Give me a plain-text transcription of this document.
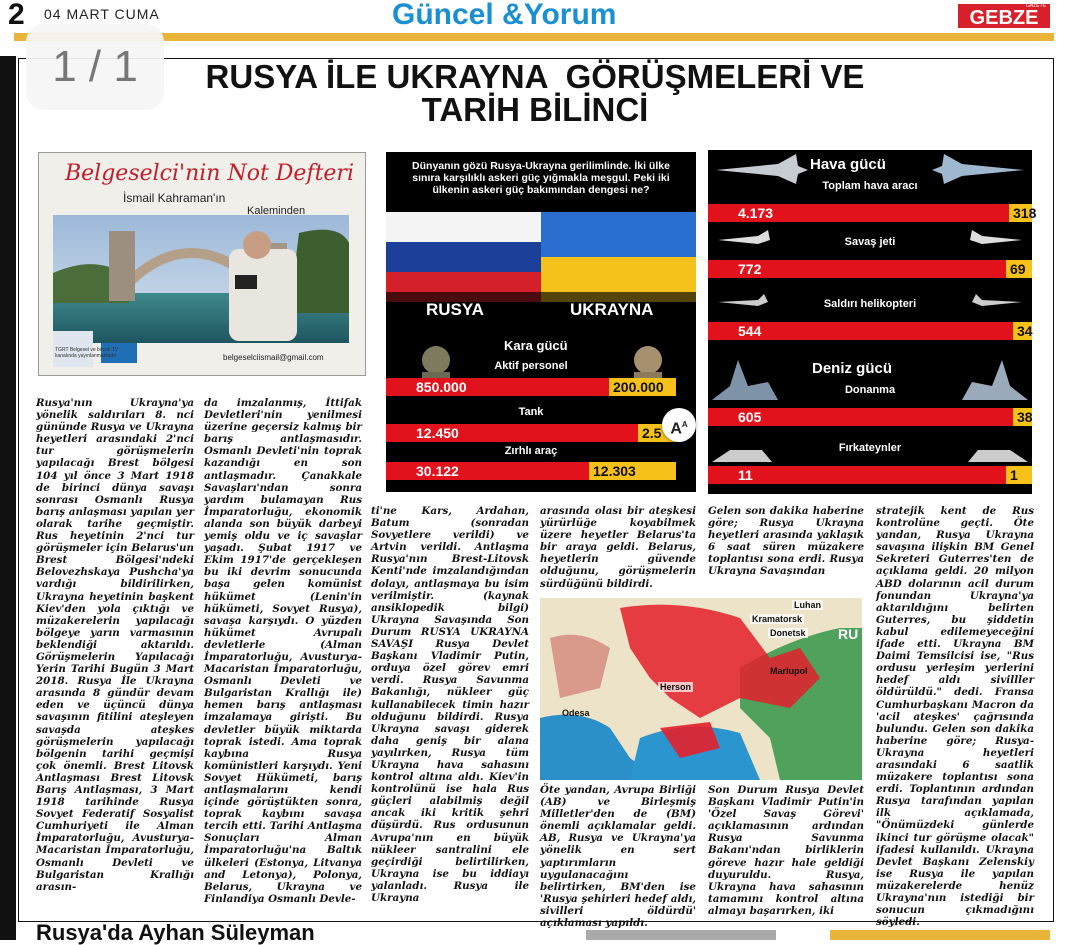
2 04 MART CUMA	Güncel &Yorum	GAZETE
GEBZE
RUSYA İLE UKRAYNA  GÖRÜŞMELERİ VE
TARİH BİLİNCİ
Belgeselci'nin Not Defteri
İsmail Kahraman'ın
Kaleminden
TGRT Belgesel ve birçok TV kanalında yayınlanmaktadır	belgeselciismail@gmail.com
Dünyanın gözü Rusya-Ukrayna gerilimlinde. İki ülke sınıra karşılıklı askeri güç yığmakla meşgul. Peki iki ülkenin askeri güç bakımından dengesi ne?
RUSYA	UKRAYNA
Kara gücü
Aktif personel
850.000	200.000
Tank
12.450	2.5
Zırhlı araç
30.122	12.303
$A^A$
Hava gücü
Deniz gücü
Toplam hava aracı
4.173	318
Savaş jeti
772	69
Saldırı helikopteri
544	34
Donanma
605	38
Fırkateynler
11	1
Luhan
Kramatorsk
Donetsk
Mariupol
Herson
Odesa
RU
Rusya'nın Ukrayna'ya yönelik saldırıları 8. nci gününde Rusya ve Ukrayna heyetleri arasındaki 2'nci tur görüşmelerin yapılacağı Brest bölgesi 104 yıl önce 3 Mart 1918 de birinci dünya savaşı sonrası Osmanlı Rusya barış anlaşması yapılan yer olarak tarihe geçmiştir. Rus heyetinin 2'nci tur görüşmeler için Belarus'un Brest Bölgesi'ndeki Belovezhskaya Pushcha'ya vardığı bildirilirken, Ukrayna heyetinin başkent Kiev'den yola çıktığı ve müzakerelerin yapılacağı bölgeye yarın varmasının beklendiği aktarıldı. Görüşmelerin Yapılacağı Yerin Tarihi Bugün 3 Mart 2018. Rusya İle Ukrayna arasında 8 gündür devam eden ve üçüncü dünya savaşının fitilini ateşleyen savaşda ateşkes görüşmelerin yapılacağı bölgenin tarihi geçmişi çok önemli. Brest Litovsk Antlaşması Brest Litovsk Barış Antlaşması, 3 Mart 1918 tarihinde Rusya Sovyet Federatif Sosyalist Cumhuriyeti ile Alman İmparatorluğu, Avusturya-Macaristan İmparatorluğu, Osmanlı Devleti ve Bulgaristan Krallığı arasın-
da imzalanmış, İttifak Devletleri'nin yenilmesi üzerine geçersiz kalmış bir barış antlaşmasıdır. Osmanlı Devleti'nin toprak kazandığı en son antlaşmadır. Çanakkale Savaşları'ndan sonra yardım bulamayan Rus İmparatorluğu, ekonomik alanda son büyük darbeyi yemiş oldu ve iç savaşlar yaşadı. Şubat 1917 ve Ekim 1917'de gerçekleşen bu iki devrim sonucunda başa gelen komünist hükümet (Lenin'in hükümeti, Sovyet Rusya), savaşa karşıydı. O yüzden hükümet Avrupalı devletlerle (Alman İmparatorluğu, Avusturya-Macaristan İmparatorluğu, Osmanlı Devleti ve Bulgaristan Krallığı ile) hemen barış antlaşması imzalamaya girişti. Bu devletler büyük miktarda toprak istedi. Ama toprak kaybına Rusya komünistleri karşıydı. Yeni Sovyet Hükümeti, barış antlaşmalarını kendi içinde görüştükten sonra, toprak kaybını savaşa tercih etti. Tarihi Antlaşma Sonuçları Alman İmparatorluğu'na Baltık ülkeleri (Estonya, Litvanya and Letonya), Polonya, Belarus, Ukrayna ve Finlandiya Osmanlı Devle-
ti'ne Kars, Ardahan, Batum (sonradan Sovyetlere verildi) ve Artvin verildi. Antlaşma Rusya'nın Brest-Litovsk Kenti'nde imzalandığından dolayı, antlaşmaya bu isim verilmiştir. (kaynak ansiklopedik bilgi) Ukrayna Savaşında Son Durum RUSYA UKRAYNA SAVAŞI Rusya Devlet Başkanı Vladimir Putin, orduya özel görev emri verdi. Rusya Savunma Bakanlığı, nükleer güç kullanabilecek timin hazır olduğunu bildirdi. Rusya Ukrayna savaşı giderek daha geniş bir alana yayılırken, Rusya tüm Ukrayna hava sahasını kontrol altına aldı. Kiev'in kontrolünü ise hala Rus güçleri alabilmiş değil ancak iki kritik şehri düşürdü. Rus ordusunun Avrupa'nın en büyük nükleer santralini ele geçirdiği belirtilirken, Ukrayna ise bu iddiayı yalanladı. Rusya ile Ukrayna
arasında olası bir ateşkesi yürürlüğe koyabilmek üzere heyetler Belarus'ta bir araya geldi. Belarus, heyetlerin güvende olduğunu, görüşmelerin sürdüğünü bildirdi.
Öte yandan, Avrupa Birliği (AB) ve Birleşmiş Milletler'den de (BM) önemli açıklamalar geldi. AB, Rusya ve Ukrayna'ya yönelik en sert yaptırımların uygulanacağını belirtirken, BM'den ise 'Rusya şehirleri hedef aldı, sivilleri öldürdü' açıklaması yapıldı.
Gelen son dakika haberine göre; Rusya Ukrayna heyetleri arasında yaklaşık 6 saat süren müzakere toplantısı sona erdi. Rusya Ukrayna Savaşından
Son Durum Rusya Devlet Başkanı Vladimir Putin'in 'Özel Savaş Görevi' açıklamasının ardından Rusya Savunma Bakanı'ndan birliklerin göreve hazır hale geldiği duyuruldu. Rusya, Ukrayna hava sahasının tamamını kontrol altına almayı başarırken, iki
stratejik kent de Rus kontrolüne geçti. Öte yandan, Rusya Ukrayna savaşına ilişkin BM Genel Sekreteri Guterres'ten de açıklama geldi. 20 milyon ABD dolarının acil durum fonundan Ukrayna'ya aktarıldığını belirten Guterres, bu şiddetin kabul edilemeyeceğini ifade etti. Ukrayna BM Daimi Temsilcisi ise, "Rus ordusu yerleşim yerlerini hedef aldı sivilller öldürüldü." dedi. Fransa Cumhurbaşkanı Macron da 'acil ateşkes' çağrısında bulundu. Gelen son dakika haberine göre; Rusya-Ukrayna heyetleri arasındaki 6 saatlik müzakere toplantısı sona erdi. Toplantının ardından Rusya tarafından yapılan ilk açıklamada, "Önümüzdeki günlerde ikinci tur görüşme olacak" ifadesi kullanıldı. Ukrayna Devlet Başkanı Zelenskiy ise Rusya ile yapılan müzakerelerde henüz Ukrayna'nın istediği bir sonucun çıkmadığını söyledi.
Rusya'da Ayhan Süleyman
1 / 1
